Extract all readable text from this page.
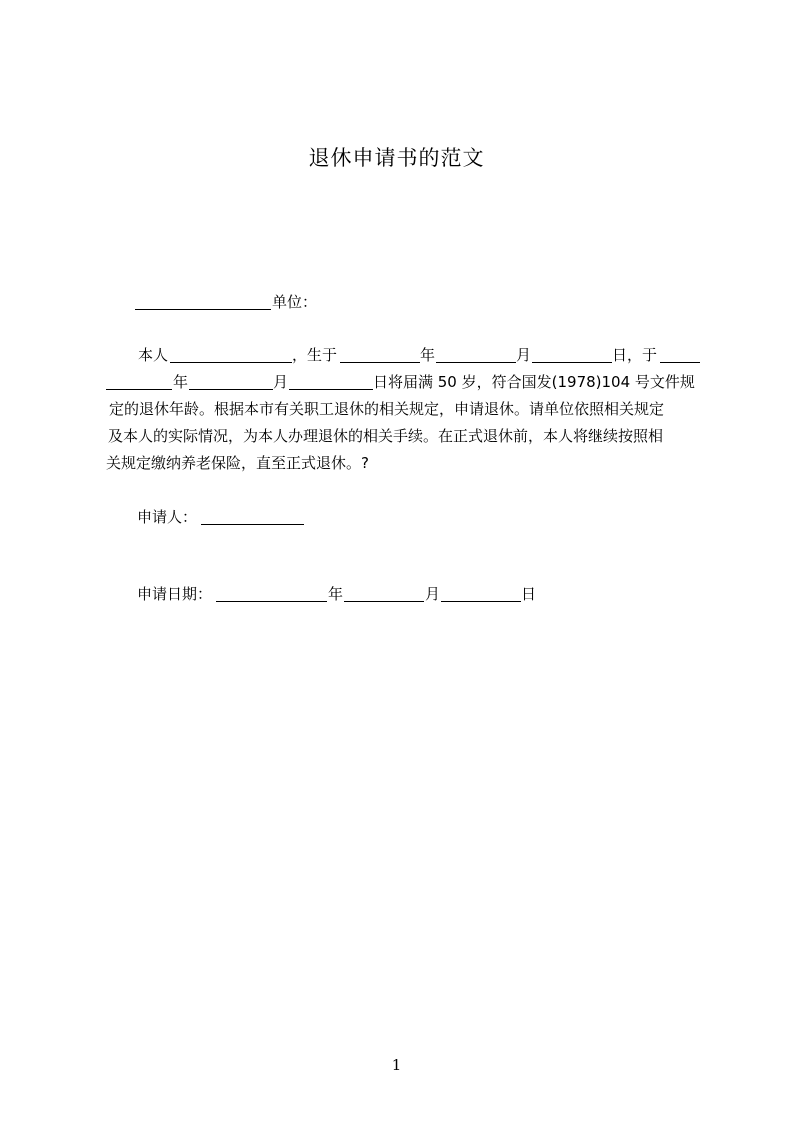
退休申请书的范文

单位：

本人

	，生于

	年

	月

	日，于

年

	月

	日将届满 50 岁，符合国发(1978)104 号文件规

定的退休年龄。根据本市有关职工退休的相关规定，申请退休。请单位依照相关规定

及本人的实际情况，为本人办理退休的相关手续。在正式退休前，本人将继续按照相

关规定缴纳养老保险，直至正式退休。?

申请人：

申请日期：

	年

	月

	日

1
